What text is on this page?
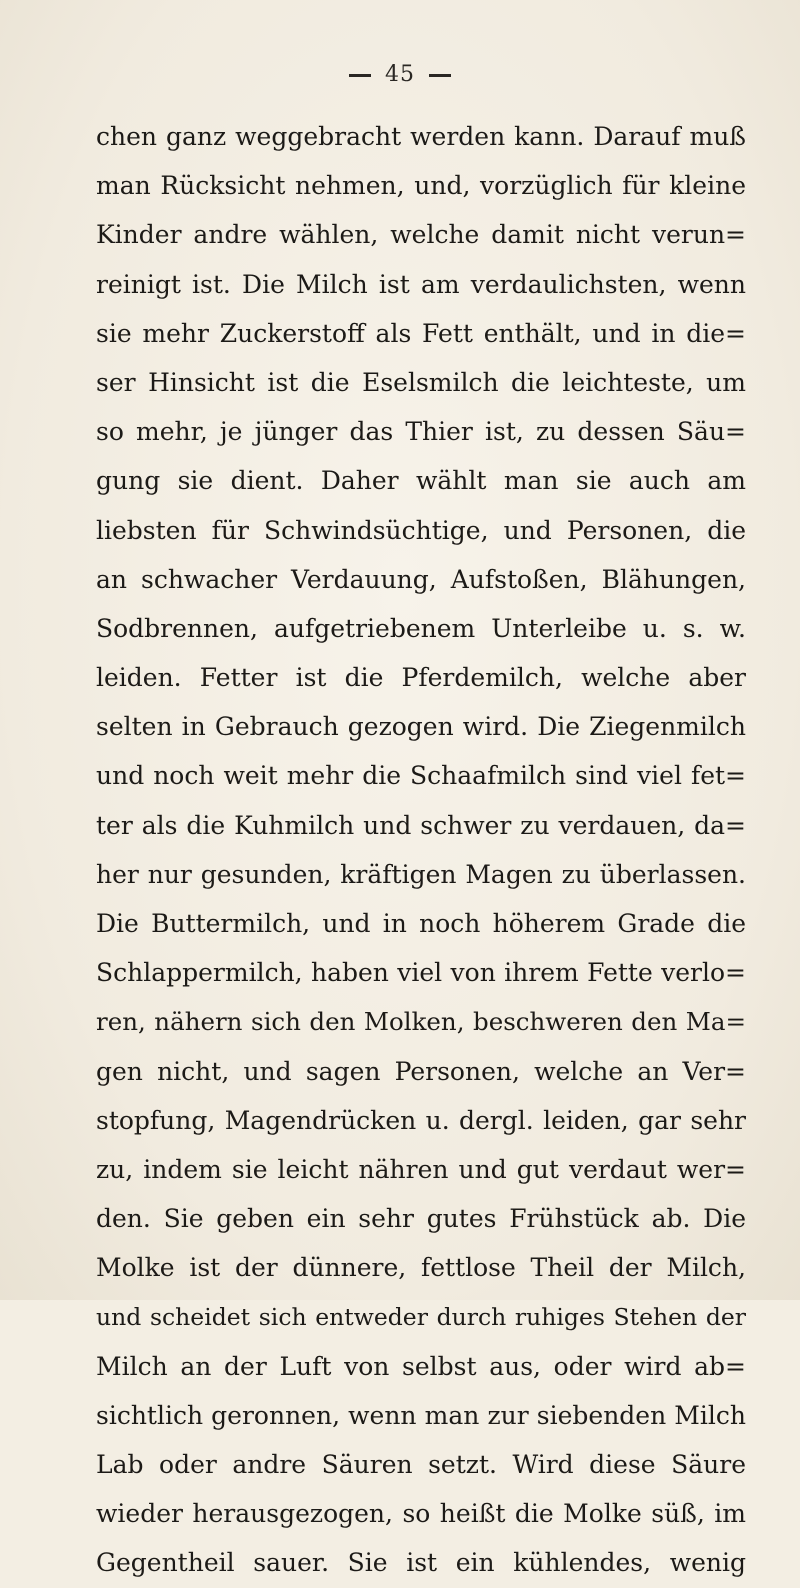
45
chen ganz weggebracht werden kann. Darauf muß
man Rücksicht nehmen, und, vorzüglich für kleine
Kinder andre wählen, welche damit nicht verun=
reinigt ist. Die Milch ist am verdaulichsten, wenn
sie mehr Zuckerstoff als Fett enthält, und in die=
ser Hinsicht ist die Eselsmilch die leichteste, um
so mehr, je jünger das Thier ist, zu dessen Säu=
gung sie dient. Daher wählt man sie auch am
liebsten für Schwindsüchtige, und Personen, die
an schwacher Verdauung, Aufstoßen, Blähungen,
Sodbrennen, aufgetriebenem Unterleibe u. s. w.
leiden. Fetter ist die Pferdemilch, welche aber
selten in Gebrauch gezogen wird. Die Ziegenmilch
und noch weit mehr die Schaafmilch sind viel fet=
ter als die Kuhmilch und schwer zu verdauen, da=
her nur gesunden, kräftigen Magen zu überlassen.
Die Buttermilch, und in noch höherem Grade die
Schlappermilch, haben viel von ihrem Fette verlo=
ren, nähern sich den Molken, beschweren den Ma=
gen nicht, und sagen Personen, welche an Ver=
stopfung, Magendrücken u. dergl. leiden, gar sehr
zu, indem sie leicht nähren und gut verdaut wer=
den. Sie geben ein sehr gutes Frühstück ab. Die
Molke ist der dünnere, fettlose Theil der Milch,
und scheidet sich entweder durch ruhiges Stehen der
Milch an der Luft von selbst aus, oder wird ab=
sichtlich geronnen, wenn man zur siebenden Milch
Lab oder andre Säuren setzt. Wird diese Säure
wieder herausgezogen, so heißt die Molke süß, im
Gegentheil sauer. Sie ist ein kühlendes, wenig
